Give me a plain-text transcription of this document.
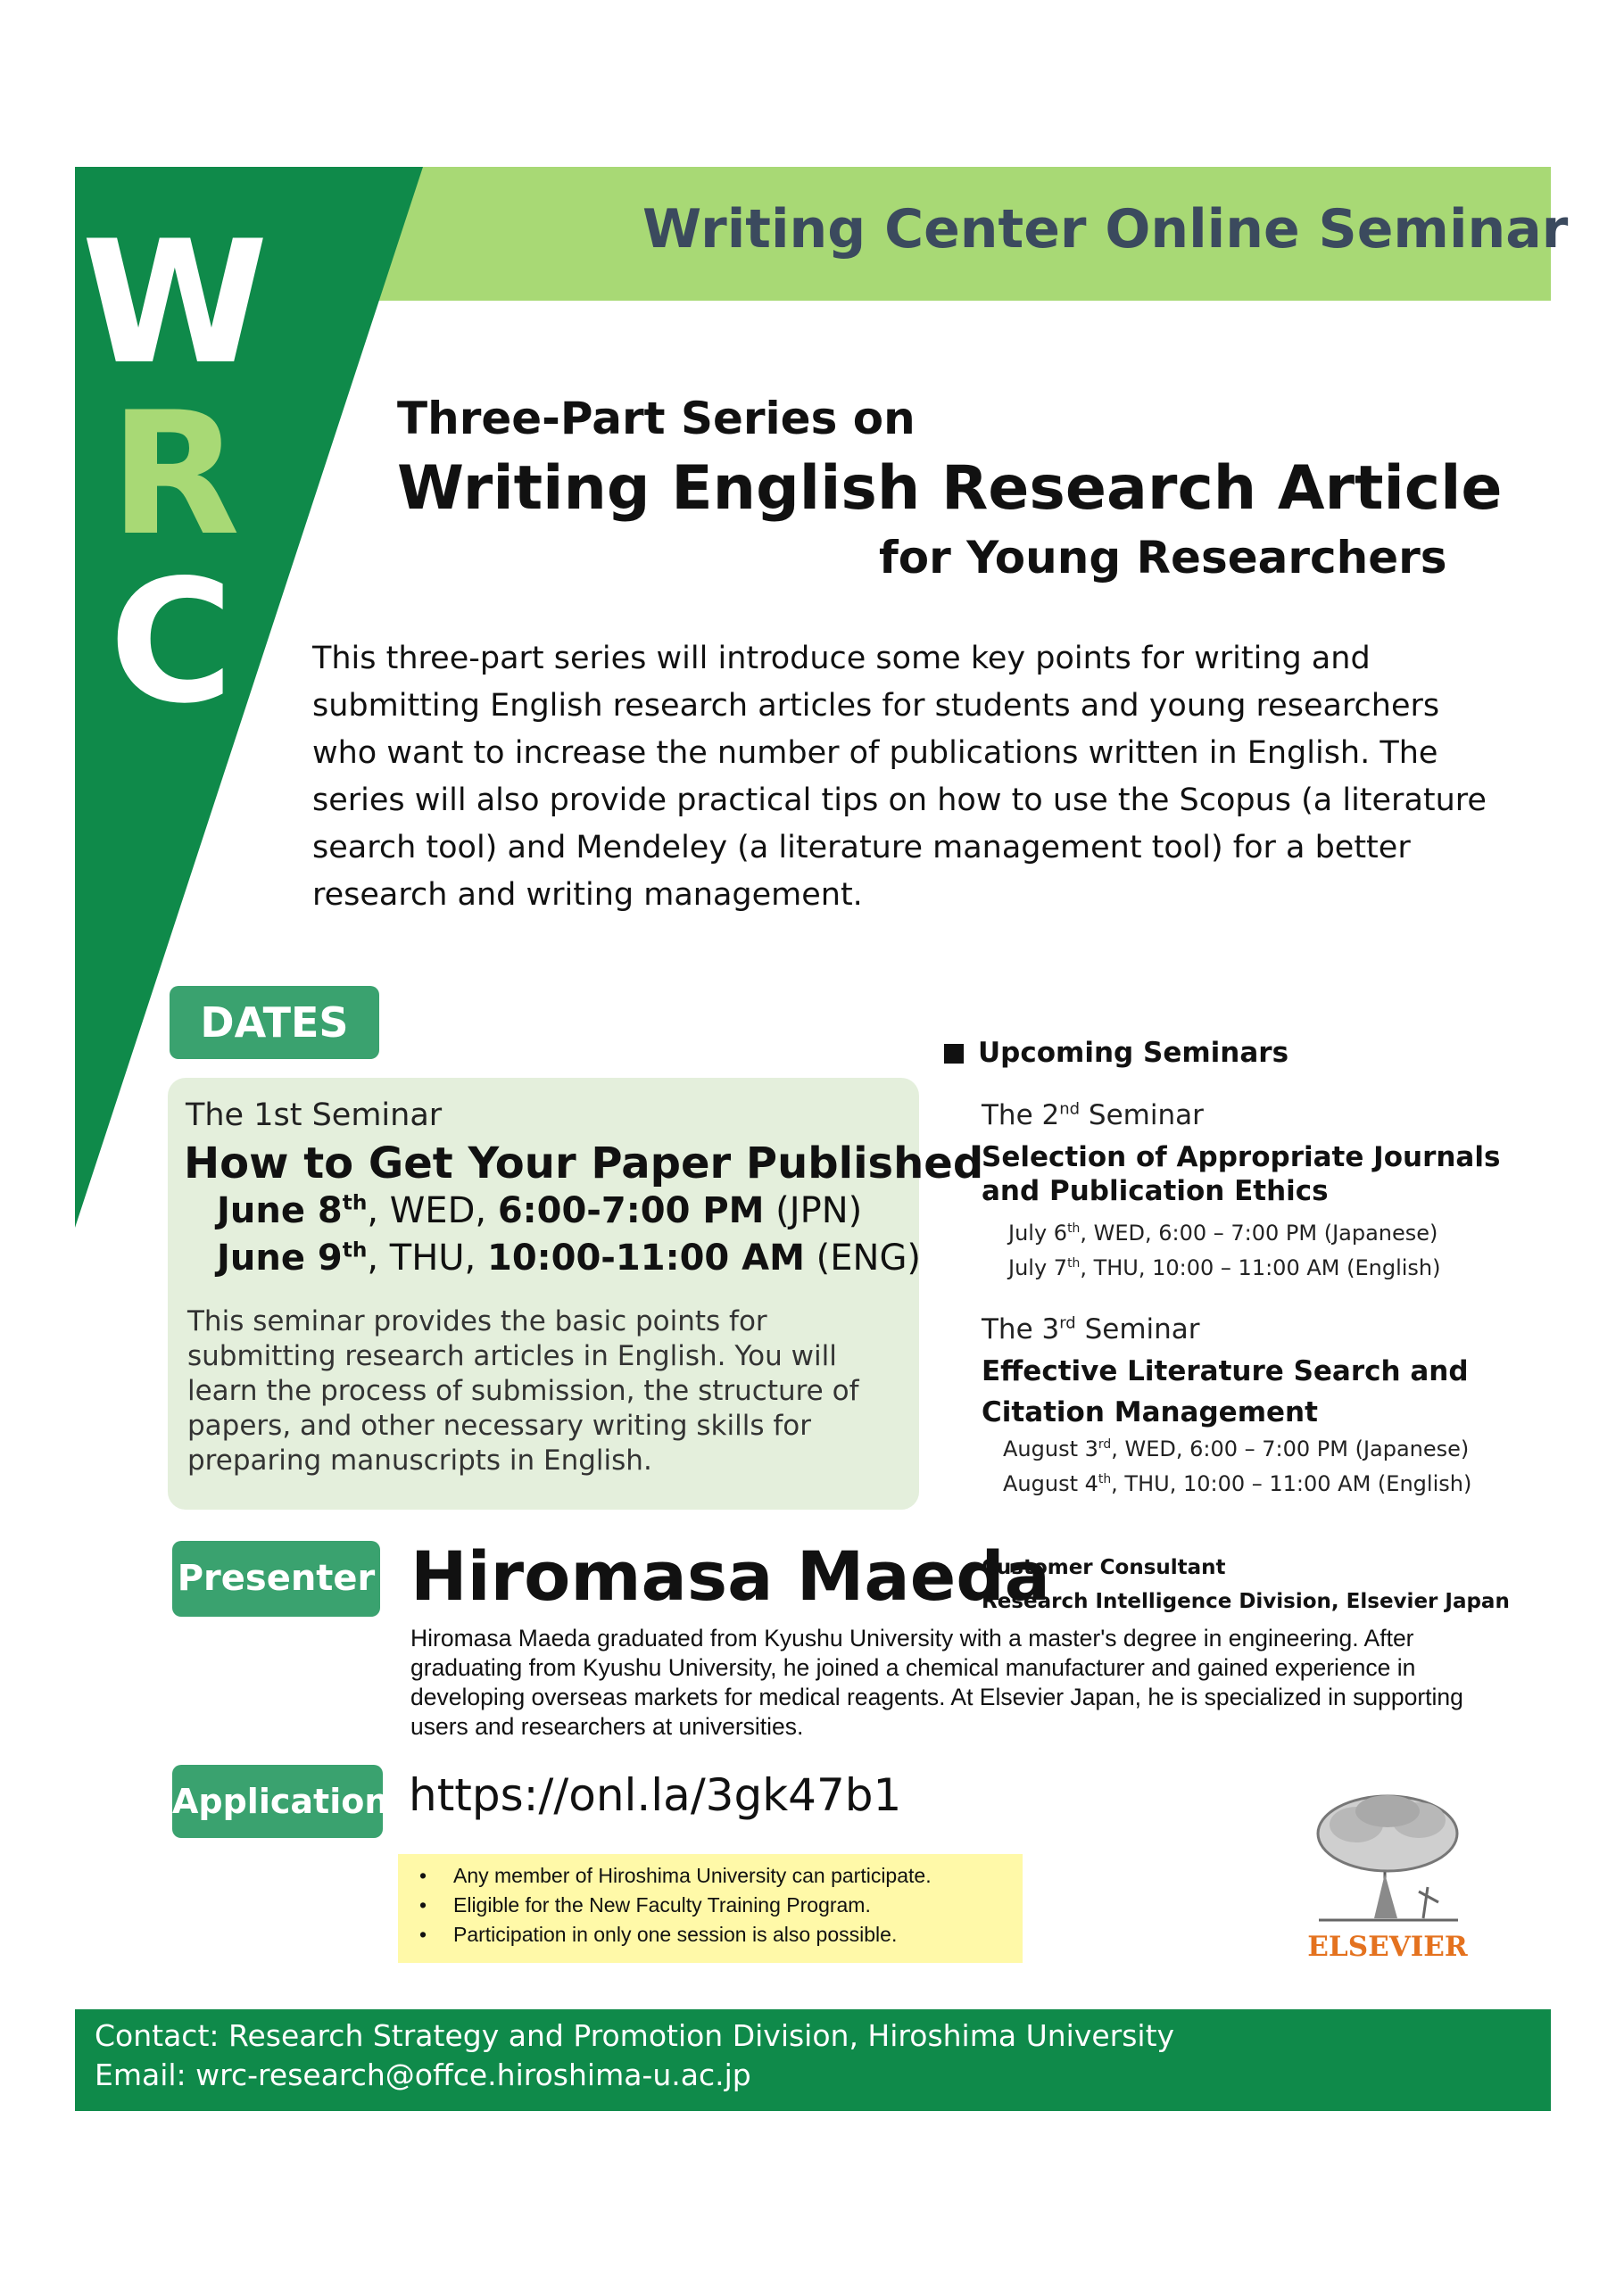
W
R
C
Writing Center Online Seminar
Three-Part Series on
Writing English Research Article
for Young Researchers
This three-part series will introduce some key points for writing and submitting English research articles for students and young researchers who want to increase the number of publications written in English. The series will also provide practical tips on how to use the Scopus (a literature search tool) and Mendeley (a literature management tool) for a better research and writing management.
DATES
The 1st Seminar
How to Get Your Paper Published
June 8th, WED, 6:00-7:00 PM (JPN)
June 9th, THU, 10:00-11:00 AM (ENG)
This seminar provides the basic points for submitting research articles in English. You will learn the process of submission, the structure of papers, and other necessary writing skills for preparing manuscripts in English.
Upcoming Seminars
The 2nd Seminar
Selection of Appropriate Journals and Publication Ethics
July 6th, WED, 6:00 – 7:00 PM (Japanese)
July 7th, THU, 10:00 – 11:00 AM (English)
The 3rd Seminar
Effective Literature Search and
Citation Management
August 3rd, WED, 6:00 – 7:00 PM (Japanese)
August 4th, THU, 10:00 – 11:00 AM (English)
Presenter Hiromasa Maeda
Customer Consultant
Research Intelligence Division, Elsevier Japan
Hiromasa Maeda graduated from Kyushu University with a master's degree in engineering. After graduating from Kyushu University, he joined a chemical manufacturer and gained experience in developing overseas markets for medical reagents. At Elsevier Japan, he is specialized in supporting users and researchers at universities.
Application https://onl.la/3gk47b1
• Any member of Hiroshima University can participate.
• Eligible for the New Faculty Training Program.
• Participation in only one session is also possible.	ELSEVIER
Contact: Research Strategy and Promotion Division, Hiroshima University
Email: wrc-research@offce.hiroshima-u.ac.jp
